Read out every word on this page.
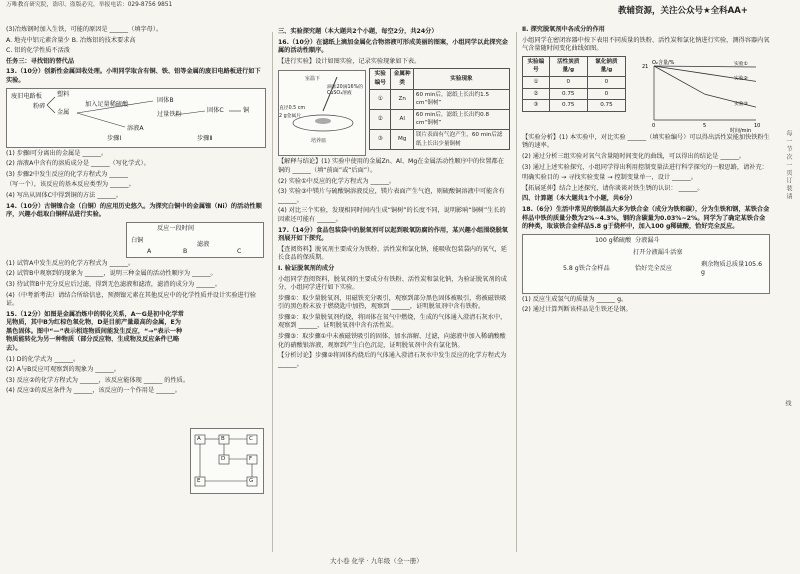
万唯教育研究院，盗印、盗版必究，举报电话：029-8756 9851
教辅资源，关注公众号★全科AA+
(3)冶炼钢时加入生铁，可能的原因是 ______（填字母）。
A. 地壳中铝元素含量少 B. 冶炼铝的技术要求高
C. 铝的化学性质不活泼
任务三：寻找铝的替代品
13.（10分）创新性金属回收处理。小明同学取含有铜、铁、铝等金属的废旧电路板进行如下实验。
废旧电路板 塑料
粉碎
金属
加入足量稀硫酸
固体B
过量铁粉
溶液A
固体C	铜
步骤Ⅰ	步骤Ⅱ
(1) 步骤Ⅰ可分离出的金属是 ______。
(2) 溶液A中含有的溶质成分是 ______（写化学式）。
(3) 步骤2中发生反应的化学方程式为 ______
（写一个），该反应的基本反应类型为 ______。
(4) 写出从固体C中得到铜的方法 ______。
14.（10分）古铜镍合金（白铜）的应用历史悠久。为探究白铜中的金属镍（Ni）的活动性顺序，兴趣小组取白铜样品进行实验。
反应一段时间
白铜
滤液
A	B	C
(1) 试管A中发生反应的化学方程式为 ______。
(2) 试管B中观察到的现象为 ______，说明三种金属的活动性顺序为 ______。
(3) 待试管B中充分反应后过滤，得到无色滤液和滤渣，滤渣的成分为 ______。
(4)（中考新考法）请结合所给信息，预测镍元素在其他反应中的化学性质并设计实验进行验证。
15.（12分）如图是金属冶炼中的转化关系，A～G是初中化学常见物质，其中B为红棕色氧化物，D是目前产量最高的金属，E为黑色固体。图中“—”表示相连物质间能发生反应，“→”表示一种物质能转化为另一种物质（部分反应物、生成物及反应条件已略去）。
A	B	C
D	F
E	G
(1) D的化学式为 ______。
(2) A与B反应可观察到的现象为 ______。
(3) 反应②的化学方程式为 ______，该反应能体现 ______ 的性质。
(4) 反应③的反应条件为 ______，该反应的一个作用是 ______。
三、实验探究题（本大题共2个小题，每空2分，共24分）
16.（10分）在滤纸上滴加金属化合物溶液可形成美丽的图案，小组同学以此探究金属的活动性顺序。
【进行实验】设计如图实验，记录实验现象如下表。
室温下
滴加20滴16%的CuSO₄溶液
直径0.5 cm
2 g金属片
培养皿
实验编号	金属种类	实验现象
①	Zn	60 min后，滤纸上长出约1.5 cm“铜树”
②	Al	60 min后，滤纸上长出约0.8 cm“铜树”
③	Mg	镁片表面有气泡产生，60 min后滤纸上长出少量铜树
【解释与结论】(1) 实验中使用的金属Zn、Al、Mg在金属活动性顺序中的位置都在铜的 ______（填“前面”或“后面”）。
(2) 实验①中反应的化学方程式为 ______。
(3) 实验③中镁片与硫酸铜溶液反应，镁片表面产生气泡，则硫酸铜溶液中可能含有 ______。
(4) 对比三个实验，发现相同时间内生成“铜树”的长度不同，说明影响“铜树”生长的因素还可能有 ______。
17.（14分）食品包装袋中的脱氧剂可以起到吸氧防腐的作用，某兴趣小组围绕脱氧剂展开如下探究。
【查阅资料】脱氧剂主要成分为铁粉、活性炭和氯化钠，能吸收包装袋内的氧气，延长食品的保质期。
Ⅰ. 验证脱氧剂的成分
小组同学查阅资料，脱氧剂的主要成分有铁粉、活性炭和氯化钠，为验证脱氧剂的成分，小组同学进行如下实验。
步骤①：取少量脱氧剂，用磁铁充分吸引，观察到部分黑色固体被吸引，将被磁铁吸引的黑色粉末放于燃烧匙中加热，观察到 ______，证明脱氧剂中含有铁粉。
步骤②：取少量脱氧剂灼烧，将固体在氧气中燃烧，生成的气体通入澄清石灰水中，观察到 ______，证明脱氧剂中含有活性炭。
步骤③：取步骤①中未被磁铁吸引的固体，加水溶解、过滤，向滤液中加入稀硝酸酸化的硝酸银溶液，观察到产生白色沉淀，证明脱氧剂中含有氯化钠。
【分析讨论】步骤②将固体灼烧后的气体通入澄清石灰水中发生反应的化学方程式为 ______。
Ⅱ. 探究脱氧剂中各成分的作用
小组同学在密闭容器中按下表用不同质量的铁粉、活性炭和氯化钠进行实验，测得容器内氧气含量随时间变化曲线如图。
实验编号	活性炭质量/g	氯化钠质量/g
①	0	0
②	0.75	0
③	0.75	0.75
O₂含量/%
时间/min
0	5	10
21	实验①
实验②
实验③
【实验分析】(1) 本实验中，对比实验 ______（填实验编号）可以得出活性炭能加快铁粉生锈的速率。
(2) 通过分析三组实验对氧气含量随时间变化的曲线，可以得出的结论是 ______。
(3) 通过上述实验探究，小组同学得出利用控制变量法进行科学探究的一般思路，请补充：
明确实验目的 → 寻找实验变量 → 控制变量单一，设计 ______。
【拓展延伸】结合上述探究，请你谈谈对铁生锈的认识： ______。
四、计算题（本大题共1个小题，共6分）
18.（6分）生活中常见的铁制品大多为铁合金（成分为铁和碳），分为生铁和钢，某铁合金样品中铁的质量分数为2%~4.3%，钢的含碳量为0.03%~2%。同学为了确定某铁合金的种类，取该铁合金样品5.8 g于烧杯中，加入100 g稀硫酸，恰好完全反应。
100 g稀硫酸 分液漏斗
打开分液漏斗活塞
5.8 g铁合金样品	恰好完全反应
剩余物质总质量105.6 g
(1) 反应生成氢气的质量为 ______ g。
(2) 通过计算判断该样品是生铁还是钢。
每 一 节 次 一 页 订 装 请
线
大小卷 化学 · 九年级（全一册）
